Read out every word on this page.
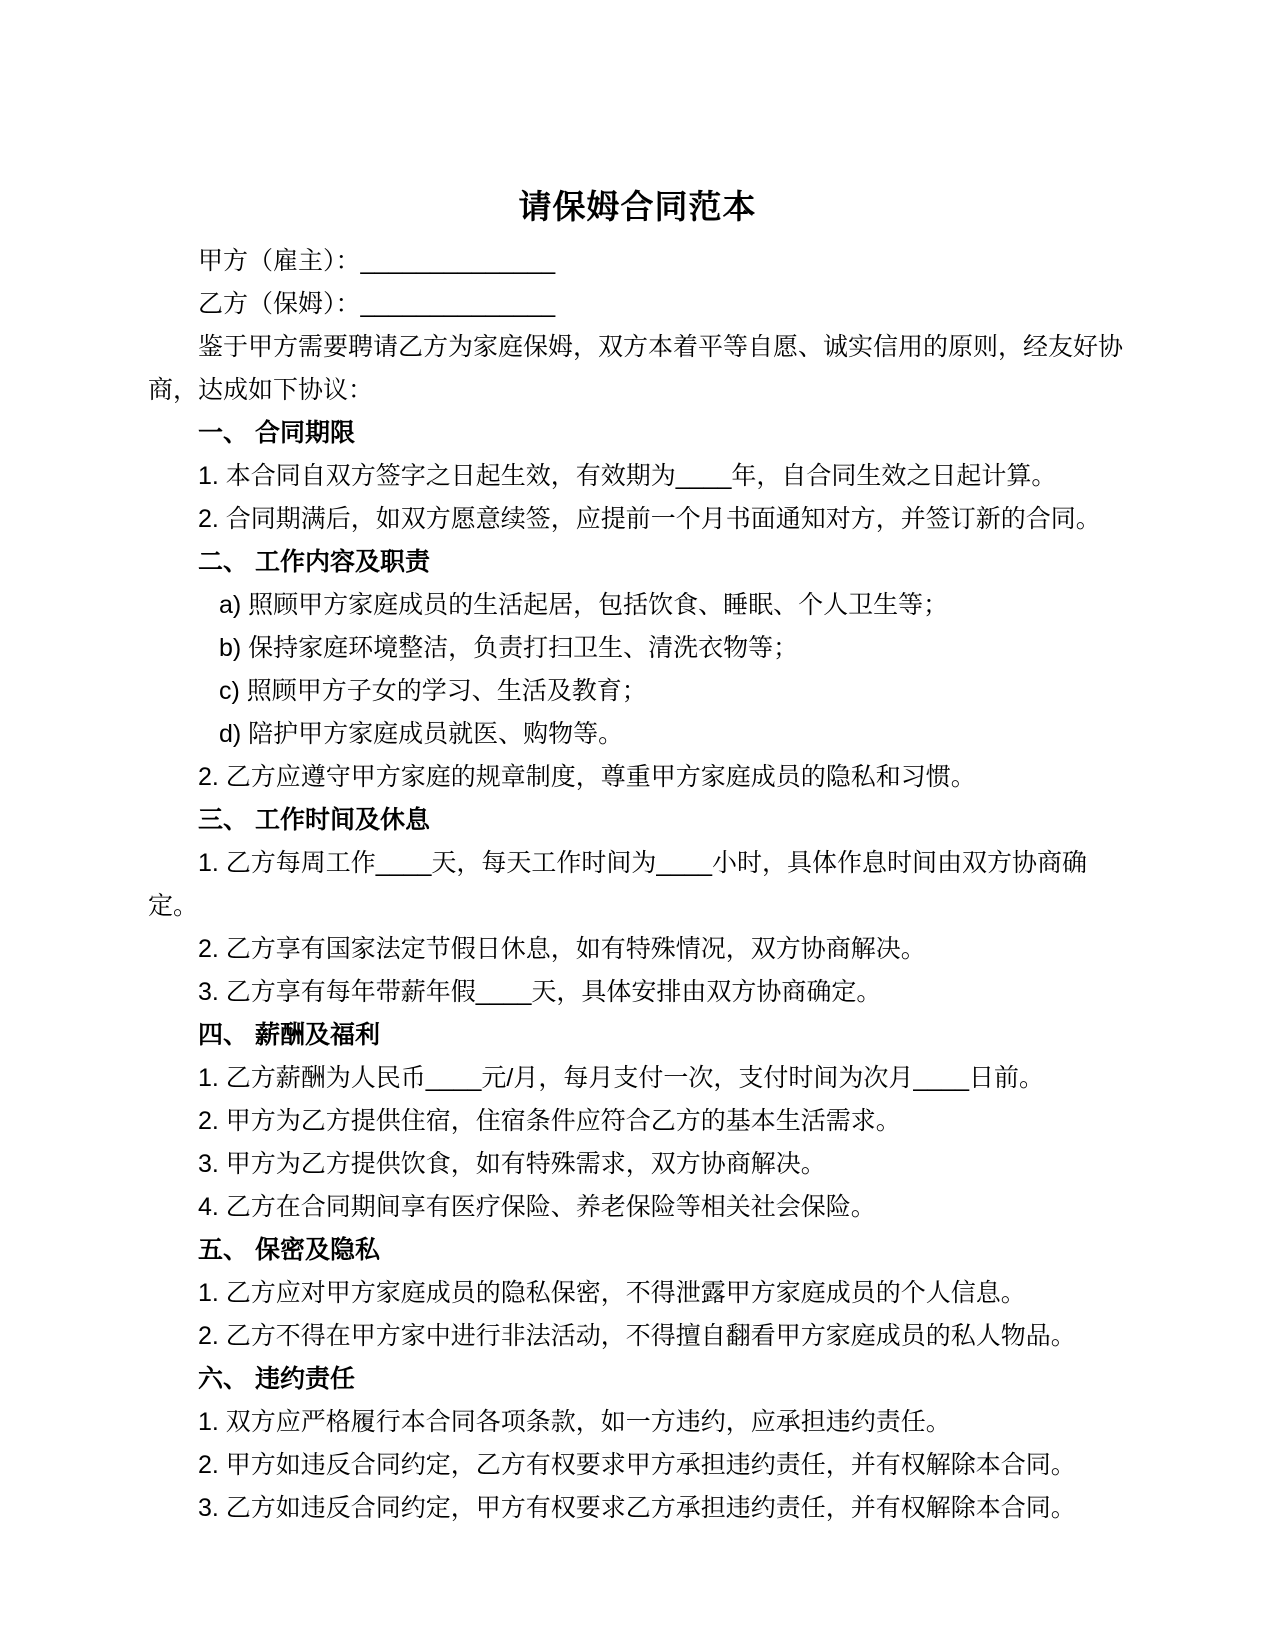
请保姆合同范本

甲方（雇主）：______________

乙方（保姆）：______________

鉴于甲方需要聘请乙方为家庭保姆，双方本着平等自愿、诚实信用的原则，经友好协商，达成如下协议：

一、 合同期限

1. 本合同自双方签字之日起生效，有效期为____年，自合同生效之日起计算。

2. 合同期满后，如双方愿意续签，应提前一个月书面通知对方，并签订新的合同。

二、 工作内容及职责

a) 照顾甲方家庭成员的生活起居，包括饮食、睡眠、个人卫生等；

b) 保持家庭环境整洁，负责打扫卫生、清洗衣物等；

c) 照顾甲方子女的学习、生活及教育；

d) 陪护甲方家庭成员就医、购物等。

2. 乙方应遵守甲方家庭的规章制度，尊重甲方家庭成员的隐私和习惯。

三、 工作时间及休息

1. 乙方每周工作____天，每天工作时间为____小时，具体作息时间由双方协商确定。

2. 乙方享有国家法定节假日休息，如有特殊情况，双方协商解决。

3. 乙方享有每年带薪年假____天，具体安排由双方协商确定。

四、 薪酬及福利

1. 乙方薪酬为人民币____元/月，每月支付一次，支付时间为次月____日前。

2. 甲方为乙方提供住宿，住宿条件应符合乙方的基本生活需求。

3. 甲方为乙方提供饮食，如有特殊需求，双方协商解决。

4. 乙方在合同期间享有医疗保险、养老保险等相关社会保险。

五、 保密及隐私

1. 乙方应对甲方家庭成员的隐私保密，不得泄露甲方家庭成员的个人信息。

2. 乙方不得在甲方家中进行非法活动，不得擅自翻看甲方家庭成员的私人物品。

六、 违约责任

1. 双方应严格履行本合同各项条款，如一方违约，应承担违约责任。

2. 甲方如违反合同约定，乙方有权要求甲方承担违约责任，并有权解除本合同。

3. 乙方如违反合同约定，甲方有权要求乙方承担违约责任，并有权解除本合同。
